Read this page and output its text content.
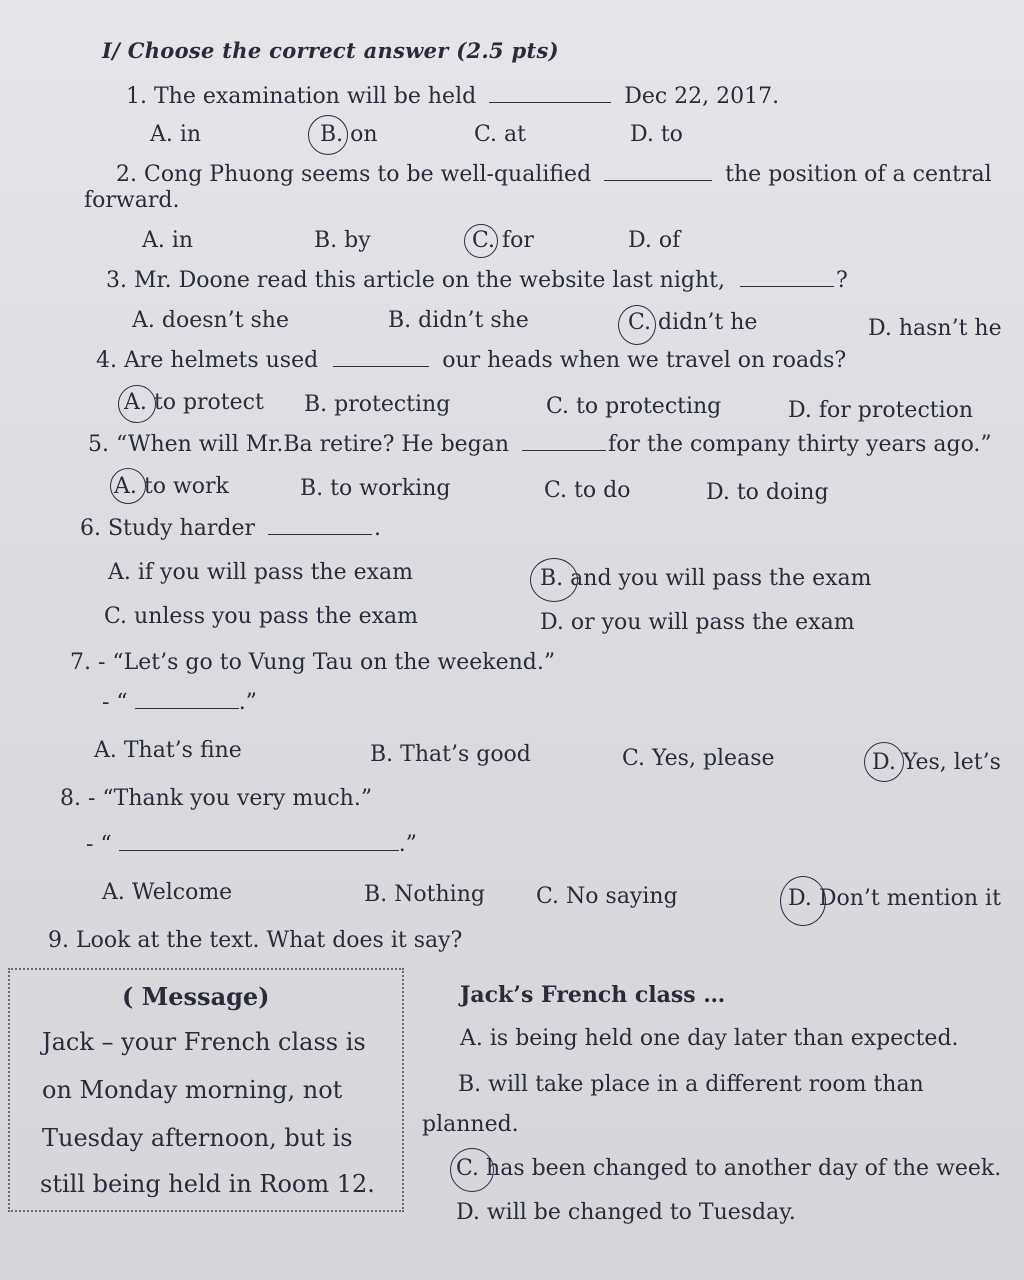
I/ Choose the correct answer (2.5 pts)
1. The examination will be held	Dec 22, 2017.
A. in	B. on	C. at	D. to
2. Cong Phuong seems to be well-qualified	the position of a central
forward.
A. in	B. by	C. for	D. of
3. Mr. Doone read this article on the website last night,	?
A. doesn’t she	B. didn’t she	C. didn’t he	D. hasn’t he
4. Are helmets used	our heads when we travel on roads?
A. to protect B. protecting	C. to protecting	D. for protection
5. “When will Mr.Ba retire? He began	for the company thirty years ago.”
A. to work	B. to working	C. to do	D. to doing
6. Study harder	.
A. if you will pass the exam	B. and you will pass the exam
C. unless you pass the exam	D. or you will pass the exam
7. - “Let’s go to Vung Tau on the weekend.”
- “	.”
A. That’s fine	B. That’s good	C. Yes, please	D. Yes, let’s
8. - “Thank you very much.”
- “	.”
A. Welcome	B. Nothing C. No saying	D. Don’t mention it
9. Look at the text. What does it say?
( Message)
Jack – your French class is
on Monday morning, not
Tuesday afternoon, but is
still being held in Room 12.
Jack’s French class …
A. is being held one day later than expected.
B. will take place in a different room than
planned.
C. has been changed to another day of the week.
D. will be changed to Tuesday.
